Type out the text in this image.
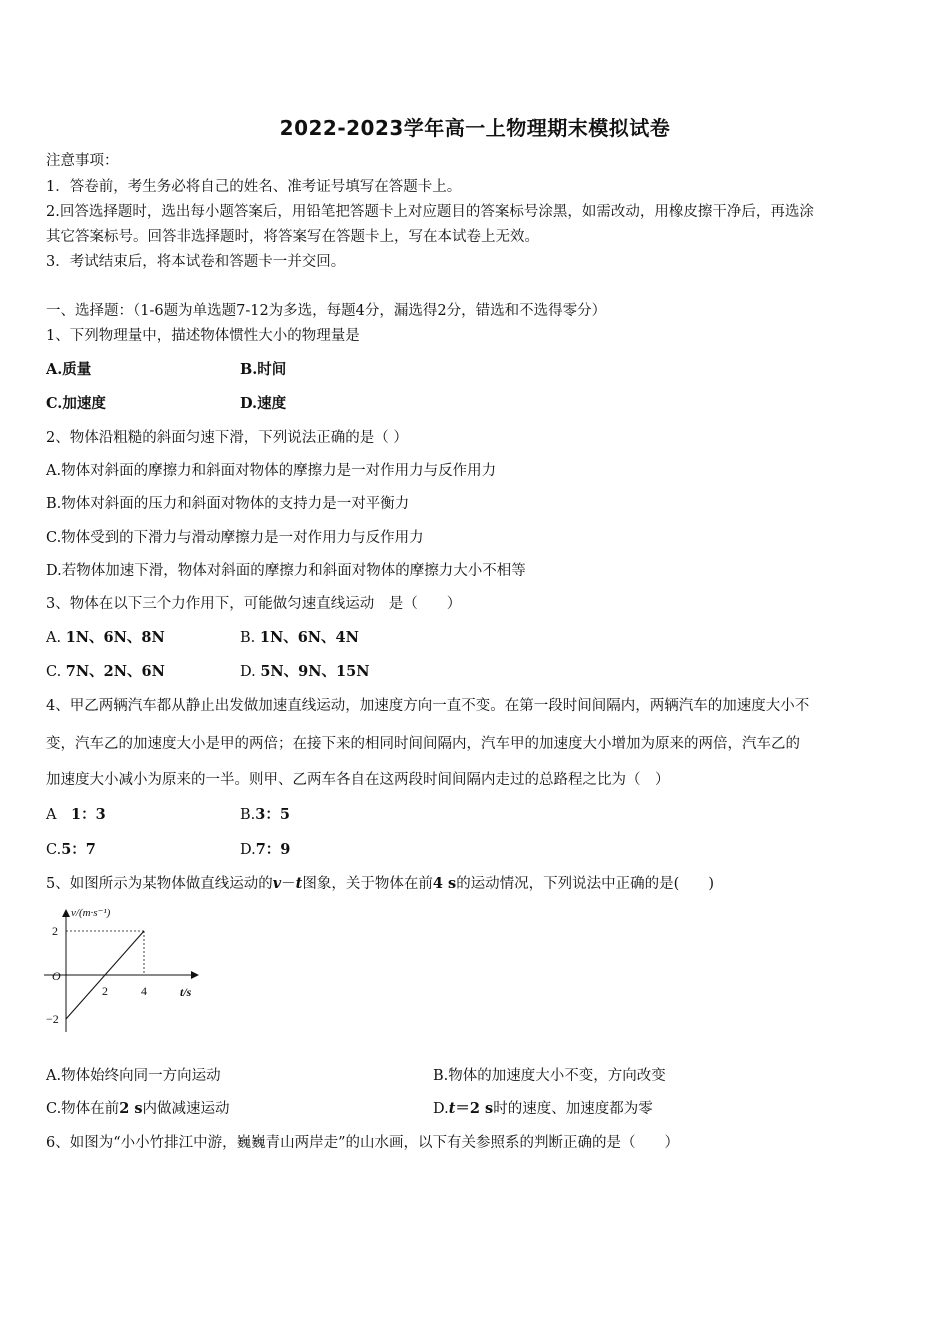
2022-2023学年高一上物理期末模拟试卷
注意事项：
1．答卷前，考生务必将自己的姓名、准考证号填写在答题卡上。
2.回答选择题时，选出每小题答案后，用铅笔把答题卡上对应题目的答案标号涂黑，如需改动，用橡皮擦干净后，再选涂
其它答案标号。回答非选择题时，将答案写在答题卡上，写在本试卷上无效。
3．考试结束后，将本试卷和答题卡一并交回。
一、选择题：（1-6题为单选题7-12为多选，每题4分，漏选得2分，错选和不选得零分）
1、下列物理量中，描述物体惯性大小的物理量是
A.质量	B.时间
C.加速度	D.速度
2、物体沿粗糙的斜面匀速下滑，下列说法正确的是（ ）
A.物体对斜面的摩擦力和斜面对物体的摩擦力是一对作用力与反作用力
B.物体对斜面的压力和斜面对物体的支持力是一对平衡力
C.物体受到的下滑力与滑动摩擦力是一对作用力与反作用力
D.若物体加速下滑，物体对斜面的摩擦力和斜面对物体的摩擦力大小不相等
3、物体在以下三个力作用下，可能做匀速直线运动　是（　　）
A. 1N、6N、8N	B. 1N、6N、4N
C. 7N、2N、6N	D. 5N、9N、15N
4、甲乙两辆汽车都从静止出发做加速直线运动，加速度方向一直不变。在第一段时间间隔内，两辆汽车的加速度大小不
变，汽车乙的加速度大小是甲的两倍；在接下来的相同时间间隔内，汽车甲的加速度大小增加为原来的两倍，汽车乙的
加速度大小减小为原来的一半。则甲、乙两车各自在这两段时间间隔内走过的总路程之比为（　）
A　1：3	B.3：5
C.5：7	D.7：9
5、如图所示为某物体做直线运动的v－t图象，关于物体在前4 s的运动情况，下列说法中正确的是(　　)
v/(m·s⁻¹)
t/s
O
2
−2
2	4
A.物体始终向同一方向运动	B.物体的加速度大小不变，方向改变
C.物体在前2 s内做减速运动	D.t＝2 s时的速度、加速度都为零
6、如图为“小小竹排江中游，巍巍青山两岸走”的山水画，以下有关参照系的判断正确的是（　　）
